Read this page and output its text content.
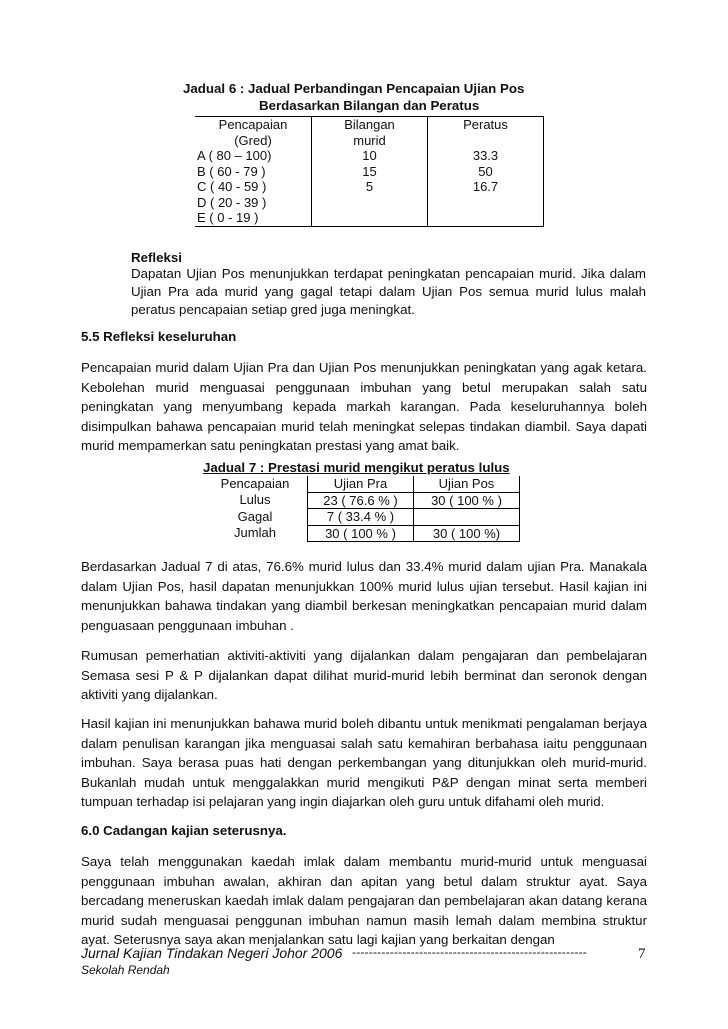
Jadual 6 : Jadual Perbandingan Pencapaian Ujian Pos
Berdasarkan Bilangan dan Peratus
Pencapaian	Bilangan	Peratus
(Gred)	murid	
A ( 80 – 100)	10	33.3
B ( 60 - 79 )	15	50
C ( 40 - 59 )	5	16.7
D ( 20 - 39 )		
E ( 0 - 19 )		
Refleksi
Dapatan Ujian Pos menunjukkan terdapat peningkatan pencapaian murid. Jika dalam Ujian Pra ada murid yang gagal tetapi dalam Ujian Pos semua murid lulus malah peratus pencapaian setiap gred juga meningkat.
5.5 Refleksi keseluruhan
Pencapaian murid dalam Ujian Pra dan Ujian Pos menunjukkan peningkatan yang agak ketara. Kebolehan murid menguasai penggunaan imbuhan yang betul merupakan salah satu peningkatan yang menyumbang kepada markah karangan. Pada keseluruhannya boleh disimpulkan bahawa pencapaian murid telah meningkat selepas tindakan diambil. Saya dapati murid mempamerkan satu peningkatan prestasi yang amat baik.
Jadual 7 : Prestasi murid mengikut peratus lulus
Pencapaian	Ujian Pra	Ujian Pos
Lulus	23 ( 76.6 % )	30 ( 100 % )
Gagal	7 ( 33.4 % )	
Jumlah	30 ( 100 % )	30 ( 100 %)
Berdasarkan Jadual 7 di atas, 76.6% murid lulus dan 33.4% murid dalam ujian Pra. Manakala dalam Ujian Pos, hasil dapatan menunjukkan 100% murid lulus ujian tersebut. Hasil kajian ini menunjukkan bahawa tindakan yang diambil berkesan meningkatkan pencapaian murid dalam penguasaan penggunaan imbuhan .
Rumusan pemerhatian aktiviti-aktiviti yang dijalankan dalam pengajaran dan pembelajaran Semasa sesi P & P dijalankan dapat dilihat murid-murid lebih berminat dan seronok dengan aktiviti yang dijalankan.
Hasil kajian ini menunjukkan bahawa murid boleh dibantu untuk menikmati pengalaman berjaya dalam penulisan karangan jika menguasai salah satu kemahiran berbahasa iaitu penggunaan imbuhan. Saya berasa puas hati dengan perkembangan yang ditunjukkan oleh murid-murid. Bukanlah mudah untuk menggalakkan murid mengikuti P&P dengan minat serta memberi tumpuan terhadap isi pelajaran yang ingin diajarkan oleh guru untuk difahami oleh murid.
6.0 Cadangan kajian seterusnya.
Saya telah menggunakan kaedah imlak dalam membantu murid-murid untuk menguasai penggunaan imbuhan awalan, akhiran dan apitan yang betul dalam struktur ayat. Saya bercadang meneruskan kaedah imlak dalam pengajaran dan pembelajaran akan datang kerana murid sudah menguasai penggunan imbuhan namun masih lemah dalam membina struktur ayat. Seterusnya saya akan menjalankan satu lagi kajian yang berkaitan dengan
Jurnal Kajian Tindakan Negeri Johor 2006 --------------------------------------------------------	7
Sekolah Rendah
